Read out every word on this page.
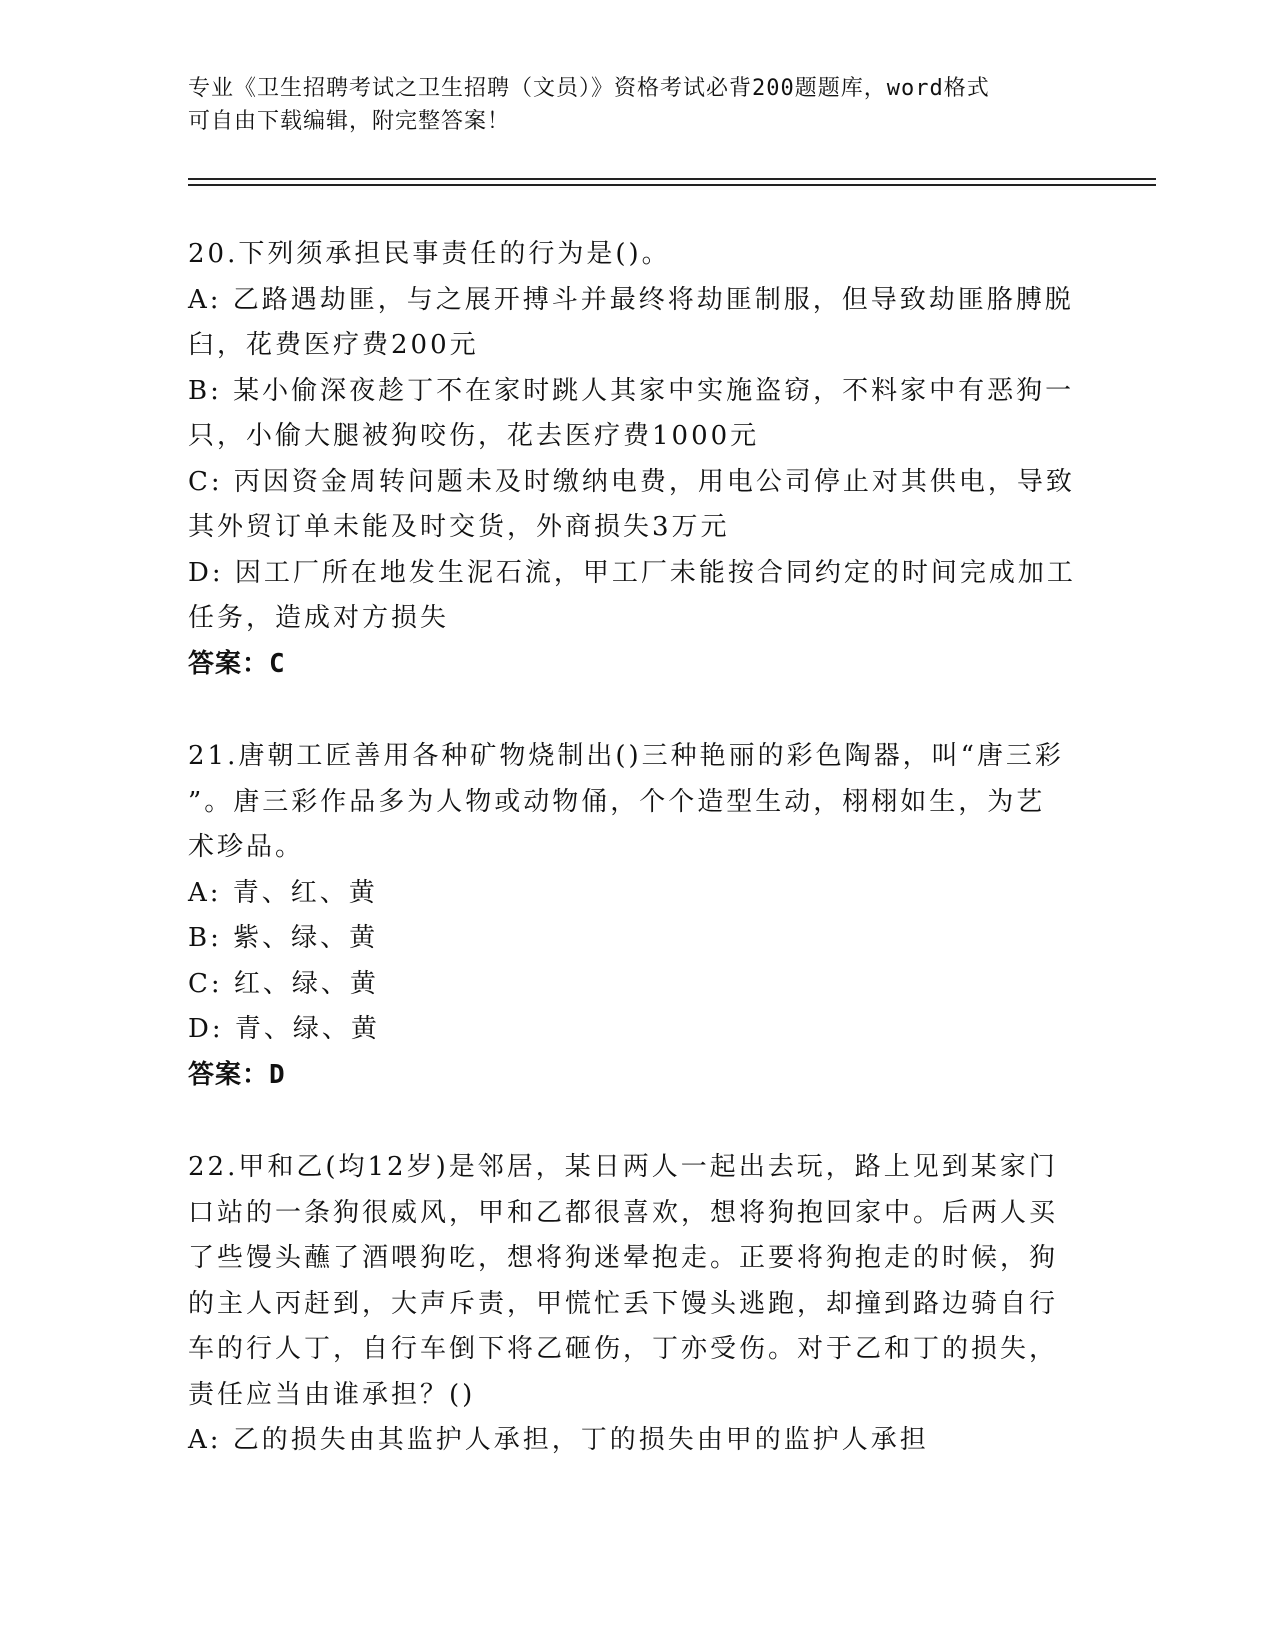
专业《卫生招聘考试之卫生招聘（文员）》资格考试必背200题题库，word格式
可自由下载编辑，附完整答案！
20.下列须承担民事责任的行为是()。
A: 乙路遇劫匪，与之展开搏斗并最终将劫匪制服，但导致劫匪胳膊脱
臼，花费医疗费200元
B: 某小偷深夜趁丁不在家时跳人其家中实施盗窃，不料家中有恶狗一
只，小偷大腿被狗咬伤，花去医疗费1000元
C: 丙因资金周转问题未及时缴纳电费，用电公司停止对其供电，导致
其外贸订单未能及时交货，外商损失3万元
D: 因工厂所在地发生泥石流，甲工厂未能按合同约定的时间完成加工
任务，造成对方损失
答案：C
21.唐朝工匠善用各种矿物烧制出()三种艳丽的彩色陶器，叫“唐三彩
”。唐三彩作品多为人物或动物俑，个个造型生动，栩栩如生，为艺
术珍品。
A: 青、红、黄
B: 紫、绿、黄
C: 红、绿、黄
D: 青、绿、黄
答案：D
22.甲和乙(均12岁)是邻居，某日两人一起出去玩，路上见到某家门
口站的一条狗很威风，甲和乙都很喜欢，想将狗抱回家中。后两人买
了些馒头蘸了酒喂狗吃，想将狗迷晕抱走。正要将狗抱走的时候，狗
的主人丙赶到，大声斥责，甲慌忙丢下馒头逃跑，却撞到路边骑自行
车的行人丁，自行车倒下将乙砸伤，丁亦受伤。对于乙和丁的损失，
责任应当由谁承担？()
A: 乙的损失由其监护人承担，丁的损失由甲的监护人承担
